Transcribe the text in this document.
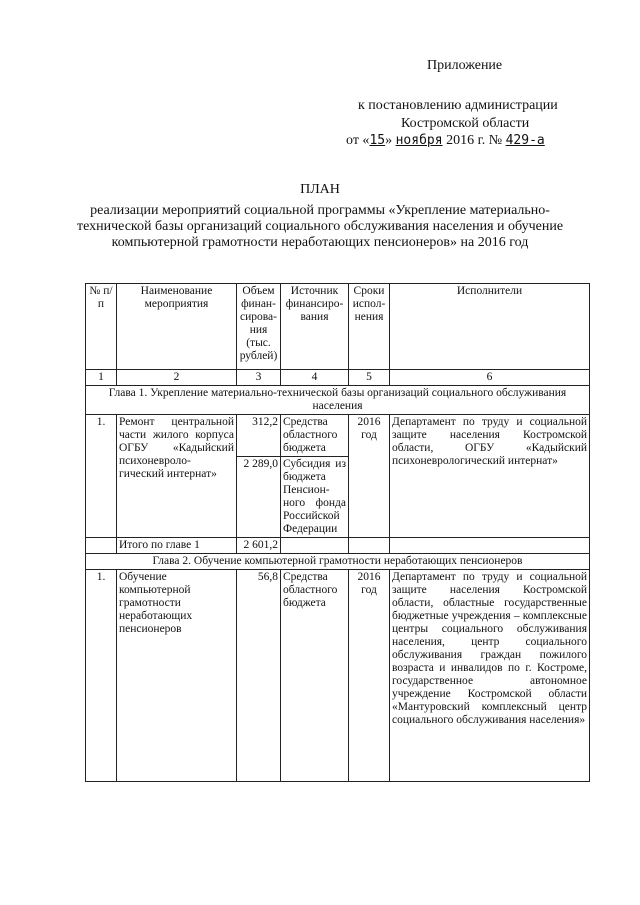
Приложение
к постановлению администрации
Костромской области
от «15» ноября 2016 г. № 429-а
ПЛАН
реализации мероприятий социальной программы «Укрепление материально-технической базы организаций социального обслуживания населения и обучение компьютерной грамотности неработающих пенсионеров» на 2016 год
№ п/п	Наименование мероприятия	Объем финан-сирова-ния (тыс. рублей)	Источник финансиро-вания	Сроки испол-нения	Исполнители
1	2	3	4	5	6
Глава 1. Укрепление материально-технической базы организаций социального обслуживания населения					
1.	Ремонт центральной части жилого корпуса ОГБУ «Кадыйский психоневроло-гический интернат»	312,2	Средства областного бюджета	2016 год	Департамент по труду и социальной защите населения Костромской области, ОГБУ «Кадыйский психоневрологический интернат»
		2 289,0	Субсидия из бюджета Пенсион-ного фонда Российской Федерации		
	Итого по главе 1	2 601,2			
Глава 2. Обучение компьютерной грамотности неработающих пенсионеров					
1.	Обучение компьютерной грамотности неработающих пенсионеров	56,8	Средства областного бюджета	2016 год	Департамент по труду и социальной защите населения Костромской области, областные государственные бюджетные учреждения – комплексные центры социального обслуживания населения, центр социального обслуживания граждан пожилого возраста и инвалидов по г. Костроме, государственное автономное учреждение Костромской области «Мантуровский комплексный центр социального обслуживания населения»
